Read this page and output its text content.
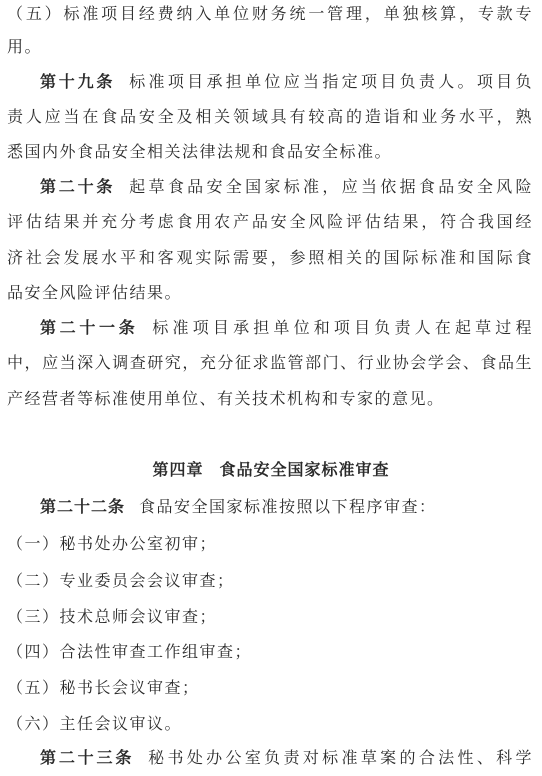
（五）标准项目经费纳入单位财务统一管理，单独核算，专款专
用。
第十九条 标准项目承担单位应当指定项目负责人。项目负
责人应当在食品安全及相关领域具有较高的造诣和业务水平，熟
悉国内外食品安全相关法律法规和食品安全标准。
第二十条 起草食品安全国家标准，应当依据食品安全风险
评估结果并充分考虑食用农产品安全风险评估结果，符合我国经
济社会发展水平和客观实际需要，参照相关的国际标准和国际食
品安全风险评估结果。
第二十一条 标准项目承担单位和项目负责人在起草过程
中，应当深入调查研究，充分征求监管部门、行业协会学会、食品生
产经营者等标准使用单位、有关技术机构和专家的意见。
第四章 食品安全国家标准审查
第二十二条 食品安全国家标准按照以下程序审查：
（一）秘书处办公室初审；
（二）专业委员会会议审查；
（三）技术总师会议审查；
（四）合法性审查工作组审查；
（五）秘书长会议审查；
（六）主任会议审议。
第二十三条 秘书处办公室负责对标准草案的合法性、科学
